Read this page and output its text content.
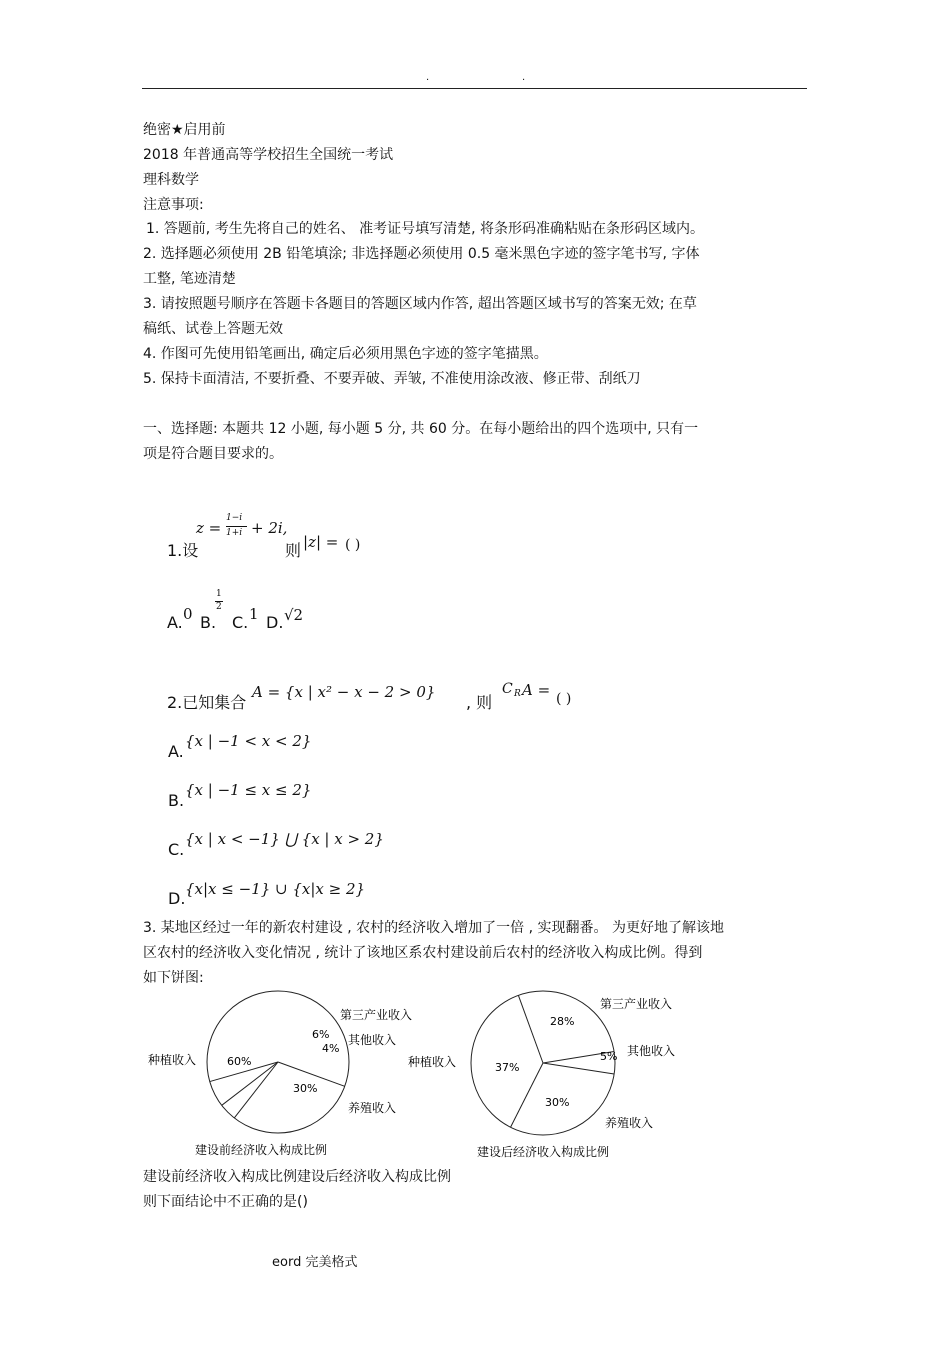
.	.
绝密★启用前
2018 年普通高等学校招生全国统一考试
理科数学
注意事项:
1. 答题前, 考生先将自己的姓名、 准考证号填写清楚, 将条形码准确粘贴在条形码区域内。
2. 选择题必须使用 2B 铅笔填涂; 非选择题必须使用 0.5 毫米黑色字迹的签字笔书写, 字体
工整, 笔迹清楚
3. 请按照题号顺序在答题卡各题目的答题区域内作答, 超出答题区域书写的答案无效; 在草
稿纸、试卷上答题无效
4. 作图可先使用铅笔画出, 确定后必须用黑色字迹的签字笔描黑。
5. 保持卡面清洁, 不要折叠、不要弄破、弄皱, 不准使用涂改液、修正带、刮纸刀
一、选择题: 本题共 12 小题, 每小题 5 分, 共 60 分。在每小题给出的四个选项中, 只有一
项是符合题目要求的。
1.设
z =
1−i
1+i + 2i,
则 |z| = ( )
A. 0 B.
1
2
C. 1 D. √2
2.已知集合
A = {x | x² − x − 2 > 0}
, 则
C R A = ( )
A.
{x | −1 < x < 2}
B.
{x | −1 ≤ x ≤ 2}
C.
{x | x < −1} ⋃ {x | x > 2}
D. {x|x ≤ −1} ∪ {x|x ≥ 2}
3. 某地区经过一年的新农村建设 , 农村的经济收入增加了一倍 , 实现翻番。 为更好地了解该地
区农村的经济收入变化情况 , 统计了该地区系农村建设前后农村的经济收入构成比例。得到
如下饼图:
种植收入
养殖收入
其他收入
第三产业收入
60%
30%
4%
6%
建设前经济收入构成比例
种植收入
养殖收入
其他收入
第三产业收入
37%
30%
5%
28%
建设后经济收入构成比例
建设前经济收入构成比例建设后经济收入构成比例
则下面结论中不正确的是()
eord 完美格式
